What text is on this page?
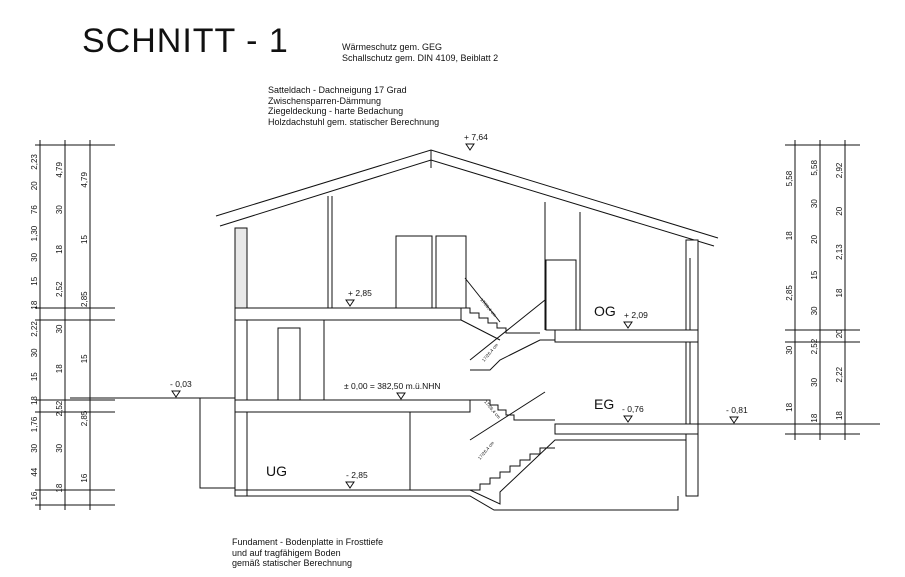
+ 7,64
+ 2,85
+ 2,09
± 0,00 = 382,50 m.ü.NHN
- 0,03
- 0,76	- 0,81
- 2,85
OG
EG
UG
17/26,4 cm
17/26,4 cm
17/26,4 cm
17/26,4 cm
2,23
20
76
1,30
30
15
18
2,22
30
15
18
1,76
30
44
16
4,79
30
18
2,52
30
18
2,52
30
18
4,79
15
2,85
15
2,85
16
5,58
18
2,85
30
18
5,58
30
20
15
30
2,52
30
18
2,92
20
2,13
18
20
2,22
18
SCHNITT - 1	Wärmeschutz gem. GEG
Schallschutz gem. DIN 4109, Beiblatt 2
Satteldach - Dachneigung 17 Grad
Zwischensparren-Dämmung
Ziegeldeckung - harte Bedachung
Holzdachstuhl gem. statischer Berechnung
Fundament - Bodenplatte in Frosttiefe
und auf tragfähigem Boden
gemäß statischer Berechnung
